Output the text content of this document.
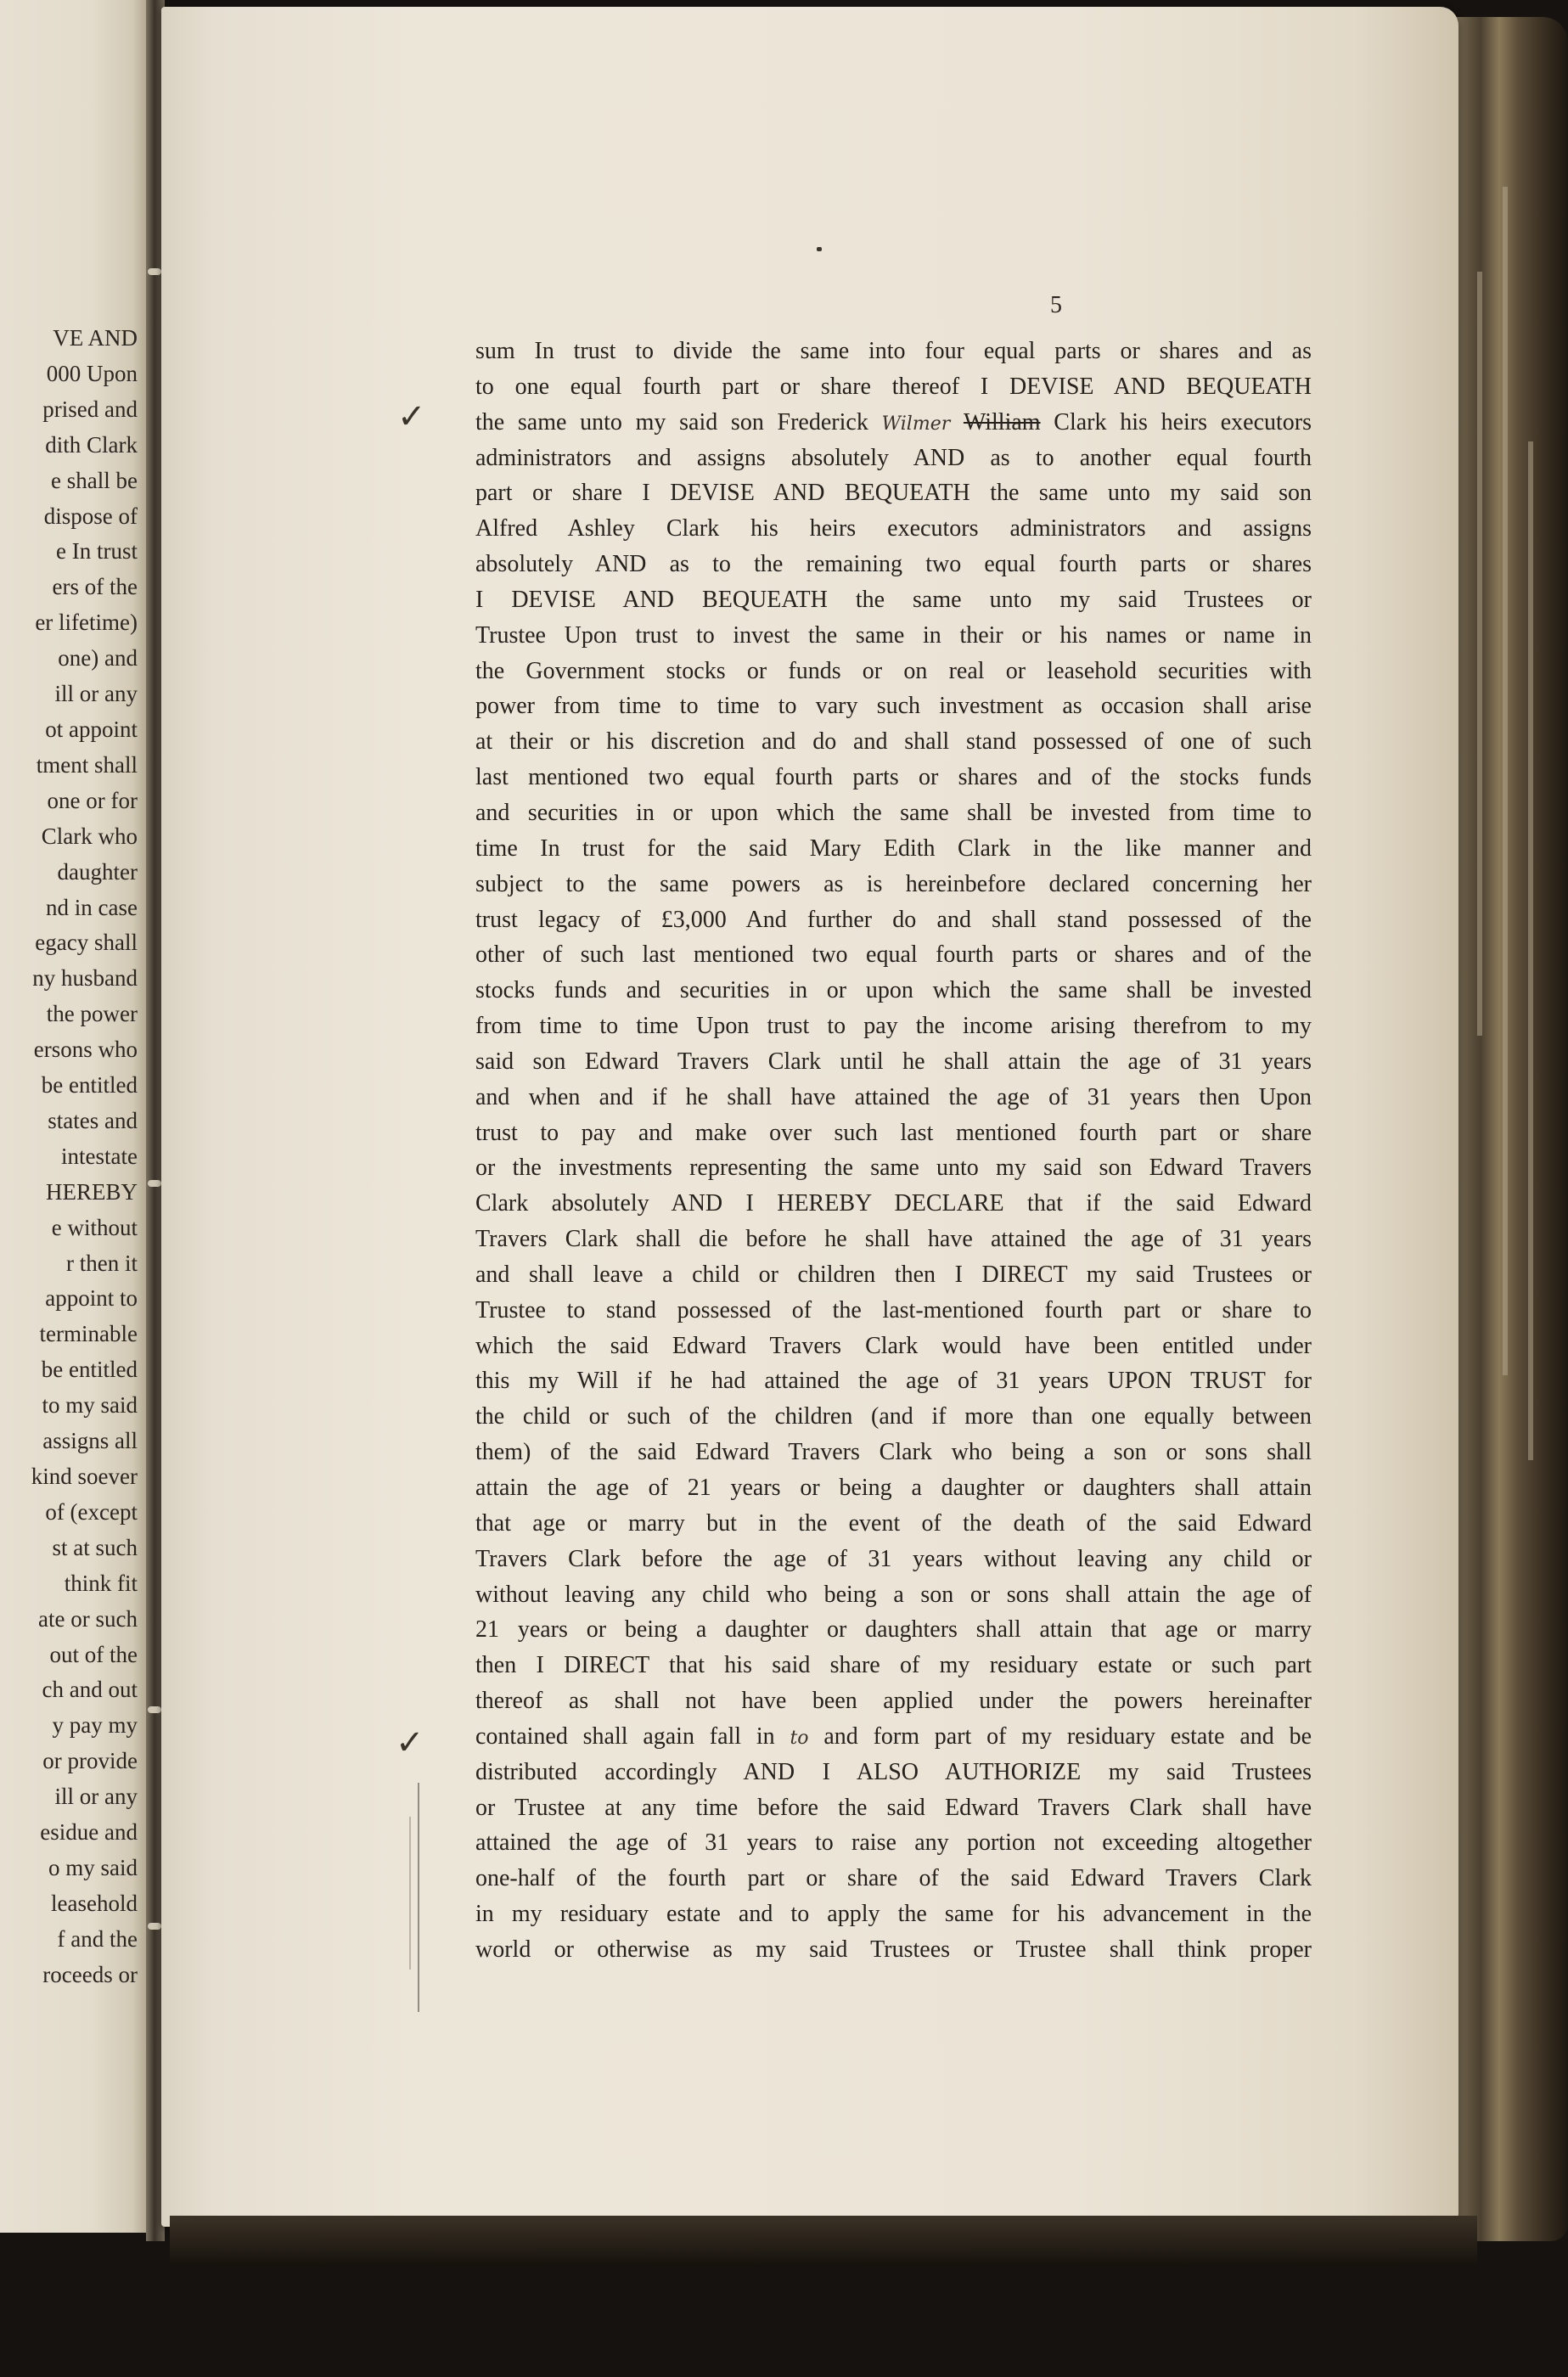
VE AND
000 Upon
prised and
dith Clark
e shall be
dispose of
e In trust
ers of the
er lifetime)
one) and
ill or any
ot appoint
tment shall
one or for
Clark who
daughter
nd in case
egacy shall
ny husband
the power
ersons who
be entitled
states and
intestate
HEREBY
e without
r then it
appoint to
terminable
be entitled
to my said
assigns all
kind soever
of (except
st at such
think fit
ate or such
out of the
ch and out
y pay my
or provide
ill or any
esidue and
o my said
leasehold
f and the
roceeds or
5
sum In trust to divide the same into four equal parts or shares and as
to one equal fourth part or share thereof I DEVISE AND BEQUEATH
the same unto my said son Frederick Wilmer William Clark his heirs executors
administrators and assigns absolutely AND as to another equal fourth
part or share I DEVISE AND BEQUEATH the same unto my said son
Alfred Ashley Clark his heirs executors administrators and assigns
absolutely AND as to the remaining two equal fourth parts or shares
I DEVISE AND BEQUEATH the same unto my said Trustees or
Trustee Upon trust to invest the same in their or his names or name in
the Government stocks or funds or on real or leasehold securities with
power from time to time to vary such investment as occasion shall arise
at their or his discretion and do and shall stand possessed of one of such
last mentioned two equal fourth parts or shares and of the stocks funds
and securities in or upon which the same shall be invested from time to
time In trust for the said Mary Edith Clark in the like manner and
subject to the same powers as is hereinbefore declared concerning her
trust legacy of £3,000 And further do and shall stand possessed of the
other of such last mentioned two equal fourth parts or shares and of the
stocks funds and securities in or upon which the same shall be invested
from time to time Upon trust to pay the income arising therefrom to my
said son Edward Travers Clark until he shall attain the age of 31 years
and when and if he shall have attained the age of 31 years then Upon
trust to pay and make over such last mentioned fourth part or share
or the investments representing the same unto my said son Edward Travers
Clark absolutely AND I HEREBY DECLARE that if the said Edward
Travers Clark shall die before he shall have attained the age of 31 years
and shall leave a child or children then I DIRECT my said Trustees or
Trustee to stand possessed of the last-mentioned fourth part or share to
which the said Edward Travers Clark would have been entitled under
this my Will if he had attained the age of 31 years UPON TRUST for
the child or such of the children (and if more than one equally between
them) of the said Edward Travers Clark who being a son or sons shall
attain the age of 21 years or being a daughter or daughters shall attain
that age or marry but in the event of the death of the said Edward
Travers Clark before the age of 31 years without leaving any child or
without leaving any child who being a son or sons shall attain the age of
21 years or being a daughter or daughters shall attain that age or marry
then I DIRECT that his said share of my residuary estate or such part
thereof as shall not have been applied under the powers hereinafter
contained shall again fall in to and form part of my residuary estate and be
distributed accordingly AND I ALSO AUTHORIZE my said Trustees
or Trustee at any time before the said Edward Travers Clark shall have
attained the age of 31 years to raise any portion not exceeding altogether
one-half of the fourth part or share of the said Edward Travers Clark
in my residuary estate and to apply the same for his advancement in the
world or otherwise as my said Trustees or Trustee shall think proper
✓
✓
